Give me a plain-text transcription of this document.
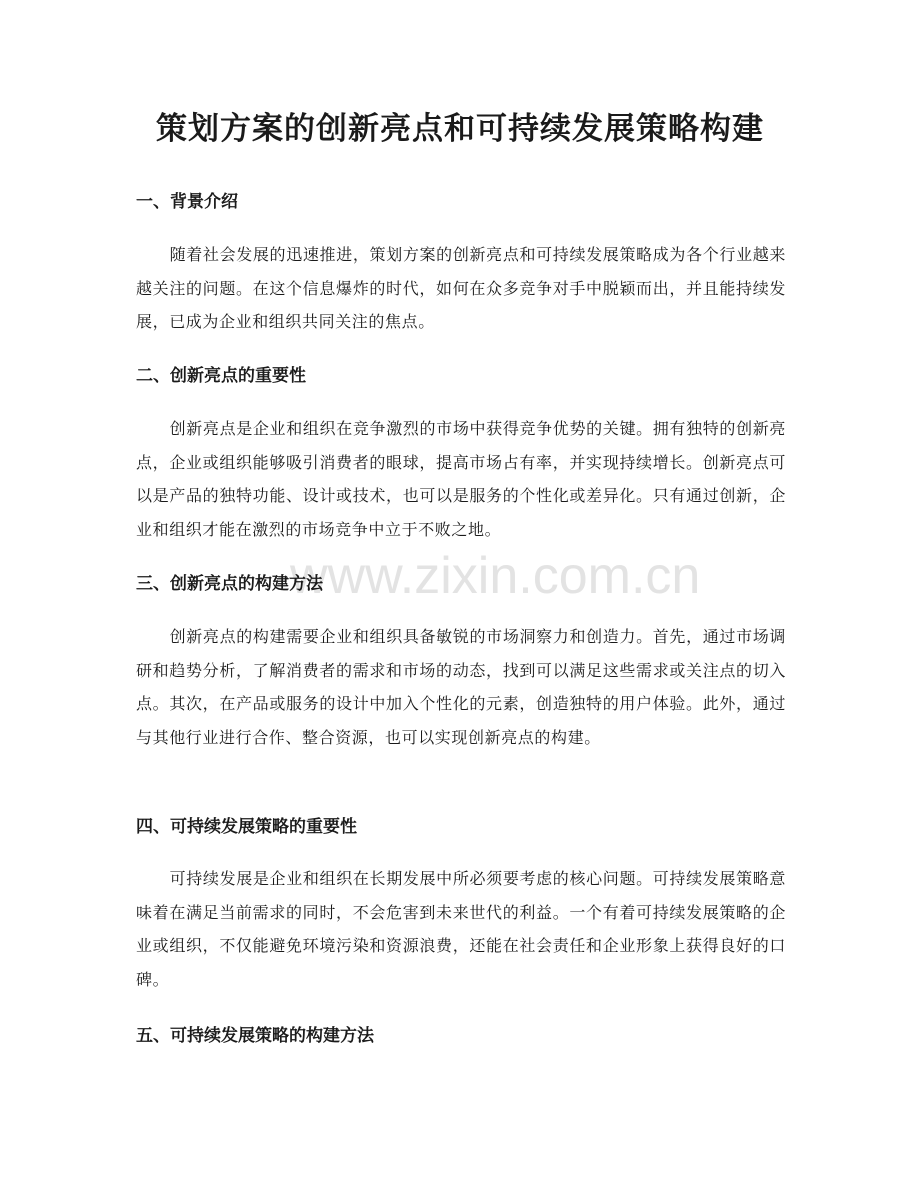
www.zixin.com.cn
策划方案的创新亮点和可持续发展策略构建
一、背景介绍

随着社会发展的迅速推进，策划方案的创新亮点和可持续发展策略成为各个行业越来越关注的问题。在这个信息爆炸的时代，如何在众多竞争对手中脱颖而出，并且能持续发展，已成为企业和组织共同关注的焦点。

二、创新亮点的重要性

创新亮点是企业和组织在竞争激烈的市场中获得竞争优势的关键。拥有独特的创新亮点，企业或组织能够吸引消费者的眼球，提高市场占有率，并实现持续增长。创新亮点可以是产品的独特功能、设计或技术，也可以是服务的个性化或差异化。只有通过创新，企业和组织才能在激烈的市场竞争中立于不败之地。

三、创新亮点的构建方法

创新亮点的构建需要企业和组织具备敏锐的市场洞察力和创造力。首先，通过市场调研和趋势分析，了解消费者的需求和市场的动态，找到可以满足这些需求或关注点的切入点。其次，在产品或服务的设计中加入个性化的元素，创造独特的用户体验。此外，通过与其他行业进行合作、整合资源，也可以实现创新亮点的构建。

四、可持续发展策略的重要性

可持续发展是企业和组织在长期发展中所必须要考虑的核心问题。可持续发展策略意味着在满足当前需求的同时，不会危害到未来世代的利益。一个有着可持续发展策略的企业或组织，不仅能避免环境污染和资源浪费，还能在社会责任和企业形象上获得良好的口碑。

五、可持续发展策略的构建方法
